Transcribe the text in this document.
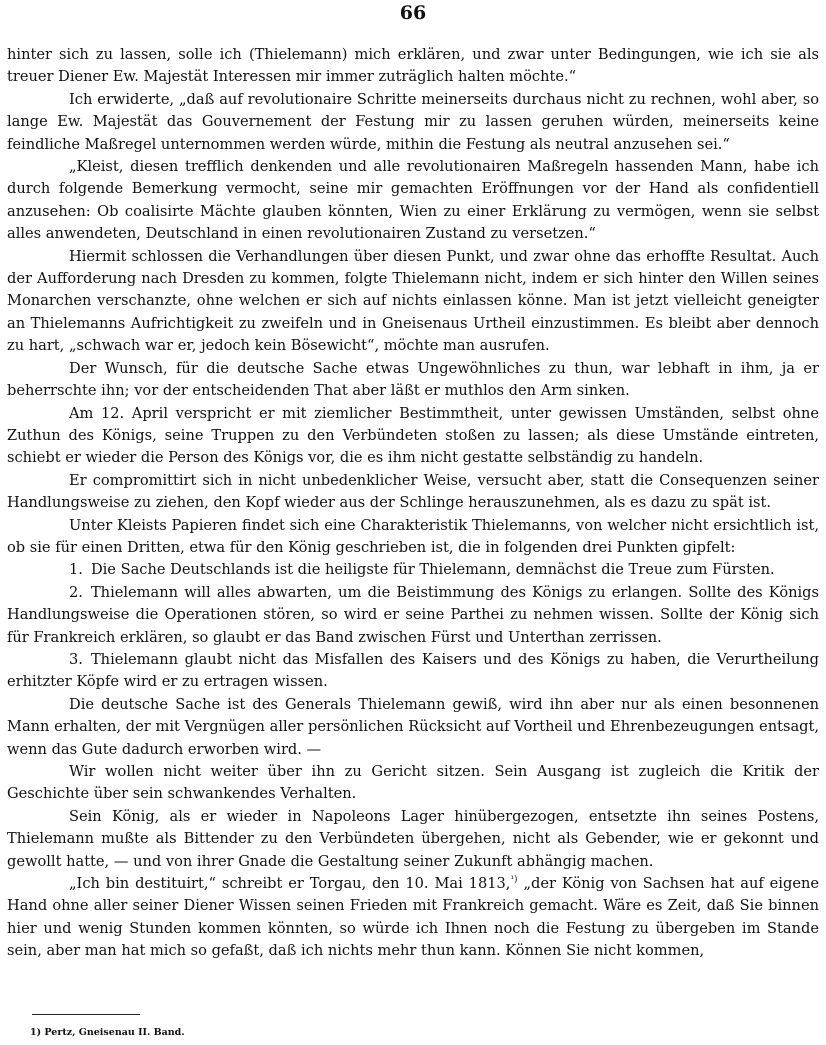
66

hinter sich zu lassen, solle ich (Thielemann) mich erklären, und zwar unter Bedingungen, wie ich sie als treuer Diener Ew. Majestät Interessen mir immer zuträglich halten möchte.“

Ich erwiderte, „daß auf revolutionaire Schritte meinerseits durchaus nicht zu rechnen, wohl aber, so lange Ew. Majestät das Gouvernement der Festung mir zu lassen geruhen würden, meinerseits keine feindliche Maßregel unternommen werden würde, mithin die Festung als neutral anzusehen sei.“

„Kleist, diesen trefflich denkenden und alle revolutionairen Maßregeln hassenden Mann, habe ich durch folgende Bemerkung vermocht, seine mir gemachten Eröffnungen vor der Hand als confidentiell anzusehen: Ob coalisirte Mächte glauben könnten, Wien zu einer Erklärung zu vermögen, wenn sie selbst alles anwendeten, Deutschland in einen revolutionairen Zustand zu versetzen.“

Hiermit schlossen die Verhandlungen über diesen Punkt, und zwar ohne das erhoffte Resultat. Auch der Aufforderung nach Dresden zu kommen, folgte Thielemann nicht, indem er sich hinter den Willen seines Monarchen verschanzte, ohne welchen er sich auf nichts einlassen könne. Man ist jetzt vielleicht geneigter an Thielemanns Aufrichtigkeit zu zweifeln und in Gneisenaus Urtheil einzustimmen. Es bleibt aber dennoch zu hart, „schwach war er, jedoch kein Bösewicht“, möchte man ausrufen.

Der Wunsch, für die deutsche Sache etwas Ungewöhnliches zu thun, war lebhaft in ihm, ja er beherrschte ihn; vor der entscheidenden That aber läßt er muthlos den Arm sinken.

Am 12. April verspricht er mit ziemlicher Bestimmtheit, unter gewissen Umständen, selbst ohne Zuthun des Königs, seine Truppen zu den Verbündeten stoßen zu lassen; als diese Umstände eintreten, schiebt er wieder die Person des Königs vor, die es ihm nicht gestatte selbständig zu handeln.

Er compromittirt sich in nicht unbedenklicher Weise, versucht aber, statt die Consequenzen seiner Handlungsweise zu ziehen, den Kopf wieder aus der Schlinge herauszunehmen, als es dazu zu spät ist.

Unter Kleists Papieren findet sich eine Charakteristik Thielemanns, von welcher nicht ersichtlich ist, ob sie für einen Dritten, etwa für den König geschrieben ist, die in folgenden drei Punkten gipfelt:

1. Die Sache Deutschlands ist die heiligste für Thielemann, demnächst die Treue zum Fürsten.

2. Thielemann will alles abwarten, um die Beistimmung des Königs zu erlangen. Sollte des Königs Handlungsweise die Operationen stören, so wird er seine Parthei zu nehmen wissen. Sollte der König sich für Frankreich erklären, so glaubt er das Band zwischen Fürst und Unterthan zerrissen.

3. Thielemann glaubt nicht das Misfallen des Kaisers und des Königs zu haben, die Verurtheilung erhitzter Köpfe wird er zu ertragen wissen.

Die deutsche Sache ist des Generals Thielemann gewiß, wird ihn aber nur als einen besonnenen Mann erhalten, der mit Vergnügen aller persönlichen Rücksicht auf Vortheil und Ehrenbezeugungen entsagt, wenn das Gute dadurch erworben wird. —

Wir wollen nicht weiter über ihn zu Gericht sitzen. Sein Ausgang ist zugleich die Kritik der Geschichte über sein schwankendes Verhalten.

Sein König, als er wieder in Napoleons Lager hinübergezogen, entsetzte ihn seines Postens, Thielemann mußte als Bittender zu den Verbündeten übergehen, nicht als Gebender, wie er gekonnt und gewollt hatte, — und von ihrer Gnade die Gestaltung seiner Zukunft abhängig machen.

„Ich bin destituirt,“ schreibt er Torgau, den 10. Mai 1813,$^{^1)}$ „der König von Sachsen hat auf eigene Hand ohne aller seiner Diener Wissen seinen Frieden mit Frankreich gemacht. Wäre es Zeit, daß Sie binnen hier und wenig Stunden kommen könnten, so würde ich Ihnen noch die Festung zu übergeben im Stande sein, aber man hat mich so gefaßt, daß ich nichts mehr thun kann. Können Sie nicht kommen,

1) Pertz, Gneisenau II. Band.
